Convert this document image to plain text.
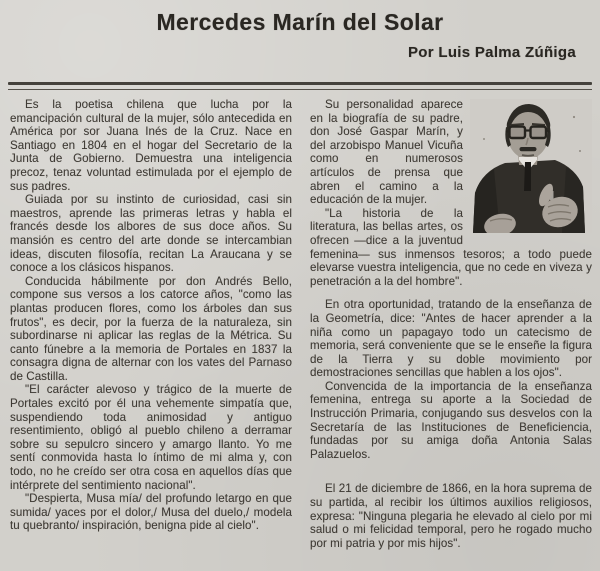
Mercedes Marín del Solar
Por Luis Palma Zúñiga

Es la poetisa chilena que lucha por la emancipación cultural de la mujer, sólo antecedida en América por sor Juana Inés de la Cruz. Nace en Santiago en 1804 en el hogar del Secretario de la Junta de Gobierno. Demuestra una inteligencia precoz, tenaz voluntad estimulada por el ejemplo de sus padres.

Guiada por su instinto de curiosidad, casi sin maestros, aprende las primeras letras y habla el francés desde los albores de sus doce años. Su mansión es centro del arte donde se intercambian ideas, discuten filosofía, recitan La Araucana y se conoce a los clásicos hispanos.

Conducida hábilmente por don Andrés Bello, compone sus versos a los catorce años, "como las plantas producen flores, como los árboles dan sus frutos", es decir, por la fuerza de la naturaleza, sin subordinarse ni aplicar las reglas de la Métrica. Su canto fúnebre a la memoria de Portales en 1837 la consagra digna de alternar con los vates del Parnaso de Castilla.

"El carácter alevoso y trágico de la muerte de Portales excitó por él una vehemente simpatía que, suspendiendo toda animosidad y antiguo resentimiento, obligó al pueblo chileno a derramar sobre su sepulcro sincero y amargo llanto. Yo me sentí conmovida hasta lo íntimo de mi alma y, con todo, no he creído ser otra cosa en aquellos días que intérprete del sentimiento nacional".

"Despierta, Musa mía/ del profundo letargo en que sumida/ yaces por el dolor,/ Musa del duelo,/ modela tu quebranto/ inspiración, benigna pide al cielo".

Su personalidad aparece en la biografía de su padre, don José Gaspar Marín, y del arzobispo Manuel Vicuña como en numerosos artículos de prensa que abren el camino a la educación de la mujer.

"La historia de la literatura, las bellas artes, os ofrecen —dice a la juventud femenina— sus inmensos tesoros; a todo puede elevarse vuestra inteligencia, que no cede en viveza y penetración a la del hombre".

En otra oportunidad, tratando de la enseñanza de la Geometría, dice: "Antes de hacer aprender a la niña como un papagayo todo un catecismo de memoria, será conveniente que se le enseñe la figura de la Tierra y su doble movimiento por demostraciones sencillas que hablen a los ojos".

Convencida de la importancia de la enseñanza femenina, entrega su aporte a la Sociedad de Instrucción Primaria, conjugando sus desvelos con la Secretaría de las Instituciones de Beneficiencia, fundadas por su amiga doña Antonia Salas Palazuelos.

El 21 de diciembre de 1866, en la hora suprema de su partida, al recibir los últimos auxilios religiosos, expresa: "Ninguna plegaria he elevado al cielo por mi salud o mi felicidad temporal, pero he rogado mucho por mi patria y por mis hijos".
